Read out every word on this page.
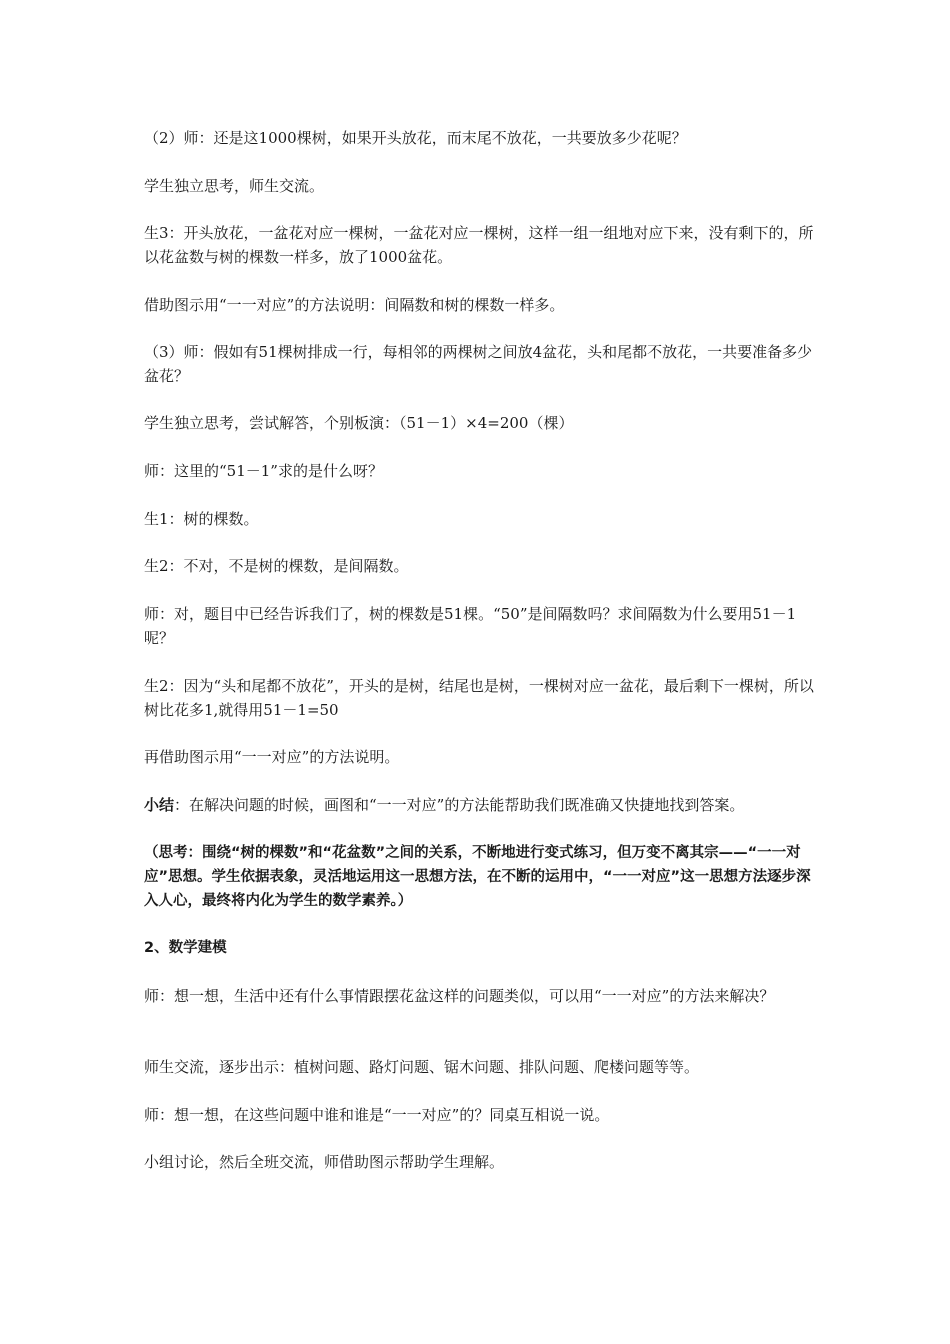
（2）师：还是这1000棵树，如果开头放花，而末尾不放花，一共要放多少花呢？

学生独立思考，师生交流。

生3：开头放花，一盆花对应一棵树，一盆花对应一棵树，这样一组一组地对应下来，没有剩下的，所以花盆数与树的棵数一样多，放了1000盆花。

借助图示用“一一对应”的方法说明：间隔数和树的棵数一样多。

（3）师：假如有51棵树排成一行，每相邻的两棵树之间放4盆花，头和尾都不放花，一共要准备多少盆花？

学生独立思考，尝试解答，个别板演：（51－1）×4=200（棵）

师：这里的“51－1”求的是什么呀？

生1：树的棵数。

生2：不对，不是树的棵数，是间隔数。

师：对，题目中已经告诉我们了，树的棵数是51棵。“50”是间隔数吗？求间隔数为什么要用51－1呢？

生2：因为“头和尾都不放花”，开头的是树，结尾也是树，一棵树对应一盆花，最后剩下一棵树，所以树比花多1,就得用51－1=50

再借助图示用“一一对应”的方法说明。

小结：在解决问题的时候，画图和“一一对应”的方法能帮助我们既准确又快捷地找到答案。

（思考：围绕“树的棵数”和“花盆数”之间的关系，不断地进行变式练习，但万变不离其宗——“一一对应”思想。学生依据表象，灵活地运用这一思想方法，在不断的运用中，“一一对应”这一思想方法逐步深入人心，最终将内化为学生的数学素养。）

2、数学建模

师：想一想，生活中还有什么事情跟摆花盆这样的问题类似，可以用“一一对应”的方法来解决？

师生交流，逐步出示：植树问题、路灯问题、锯木问题、排队问题、爬楼问题等等。

师：想一想，在这些问题中谁和谁是“一一对应”的？同桌互相说一说。

小组讨论，然后全班交流，师借助图示帮助学生理解。
